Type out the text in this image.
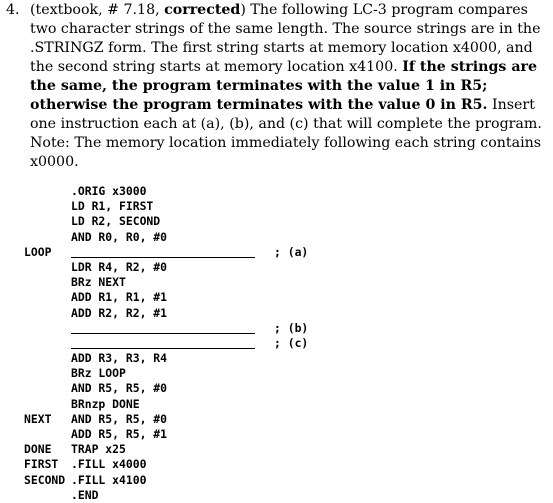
4. (textbook, # 7.18, corrected) The following LC-3 program compares two character strings of the same length. The source strings are in the .STRINGZ form. The first string starts at memory location x4000, and the second string starts at memory location x4100. If the strings are the same, the program terminates with the value 1 in R5; otherwise the program terminates with the value 0 in R5. Insert one instruction each at (a), (b), and (c) that will complete the program. Note: The memory location immediately following each string contains x0000.
.ORIG x3000
LD R1, FIRST
LD R2, SECOND
AND R0, R0, #0
LOOP	; (a)
LDR R4, R2, #0
BRz NEXT
ADD R1, R1, #1
ADD R2, R2, #1
; (b)
; (c)
ADD R3, R3, R4
BRz LOOP
AND R5, R5, #0
BRnzp DONE
NEXT AND R5, R5, #0
ADD R5, R5, #1
DONE TRAP x25
FIRST .FILL x4000
SECOND .FILL x4100
.END
